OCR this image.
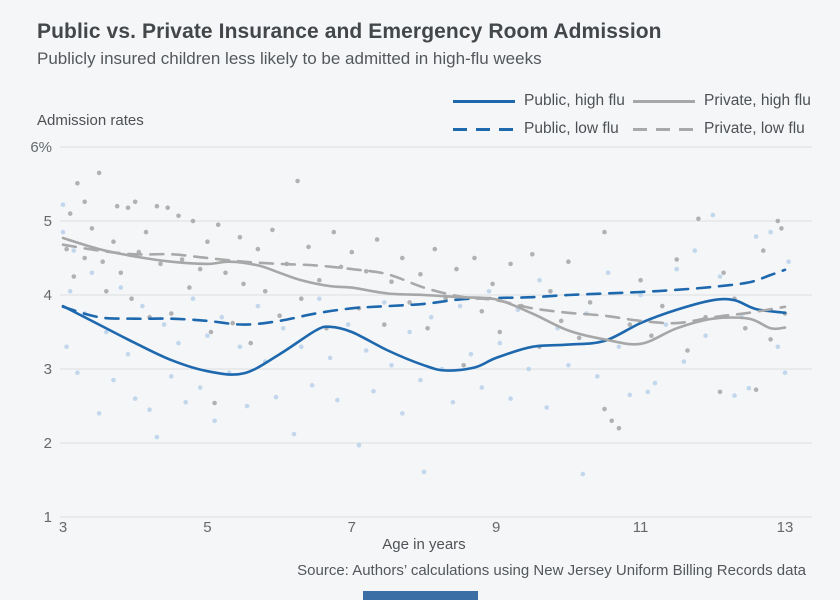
Public vs. Private Insurance and Emergency Room Admission
Publicly insured children less likely to be admitted in high-flu weeks
Public, high flu	Private, high flu
Public, low flu	Private, low flu
Admission rates
6%
5
4
3
2
1
3	5	7	9	11	13
Age in years
Source: Authors’ calculations using New Jersey Uniform Billing Records data
